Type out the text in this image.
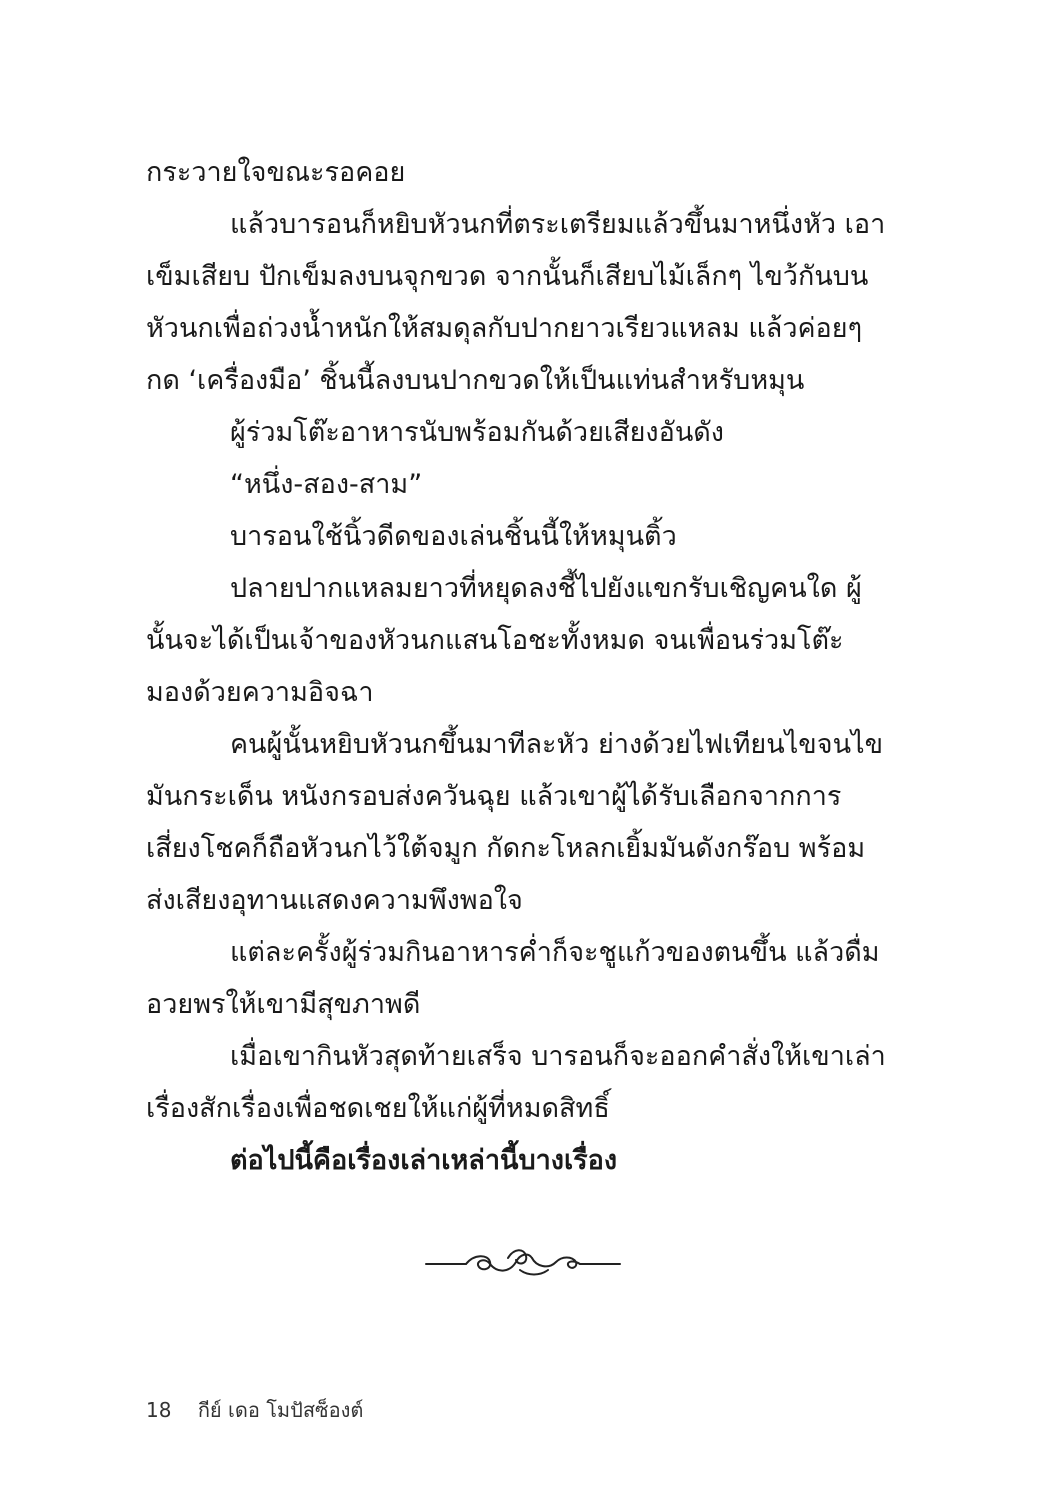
กระวายใจขณะรอคอย
แล้วบารอนก็หยิบหัวนกที่ตระเตรียมแล้วขึ้นมาหนึ่งหัว เอา
เข็มเสียบ ปักเข็มลงบนจุกขวด จากนั้นก็เสียบไม้เล็กๆ ไขว้กันบน
หัวนกเพื่อถ่วงน้ำหนักให้สมดุลกับปากยาวเรียวแหลม แล้วค่อยๆ
กด ‘เครื่องมือ’ ชิ้นนี้ลงบนปากขวดให้เป็นแท่นสำหรับหมุน
ผู้ร่วมโต๊ะอาหารนับพร้อมกันด้วยเสียงอันดัง
“หนึ่ง-สอง-สาม”
บารอนใช้นิ้วดีดของเล่นชิ้นนี้ให้หมุนติ้ว
ปลายปากแหลมยาวที่หยุดลงชี้ไปยังแขกรับเชิญคนใด ผู้
นั้นจะได้เป็นเจ้าของหัวนกแสนโอชะทั้งหมด จนเพื่อนร่วมโต๊ะ
มองด้วยความอิจฉา
คนผู้นั้นหยิบหัวนกขึ้นมาทีละหัว ย่างด้วยไฟเทียนไขจนไข
มันกระเด็น หนังกรอบส่งควันฉุย แล้วเขาผู้ได้รับเลือกจากการ
เสี่ยงโชคก็ถือหัวนกไว้ใต้จมูก กัดกะโหลกเยิ้มมันดังกร๊อบ พร้อม
ส่งเสียงอุทานแสดงความพึงพอใจ
แต่ละครั้งผู้ร่วมกินอาหารค่ำก็จะชูแก้วของตนขึ้น แล้วดื่ม
อวยพรให้เขามีสุขภาพดี
เมื่อเขากินหัวสุดท้ายเสร็จ บารอนก็จะออกคำสั่งให้เขาเล่า
เรื่องสักเรื่องเพื่อชดเชยให้แก่ผู้ที่หมดสิทธิ์
ต่อไปนี้คือเรื่องเล่าเหล่านี้บางเรื่อง
18 กีย์ เดอ โมปัสซ็องต์
